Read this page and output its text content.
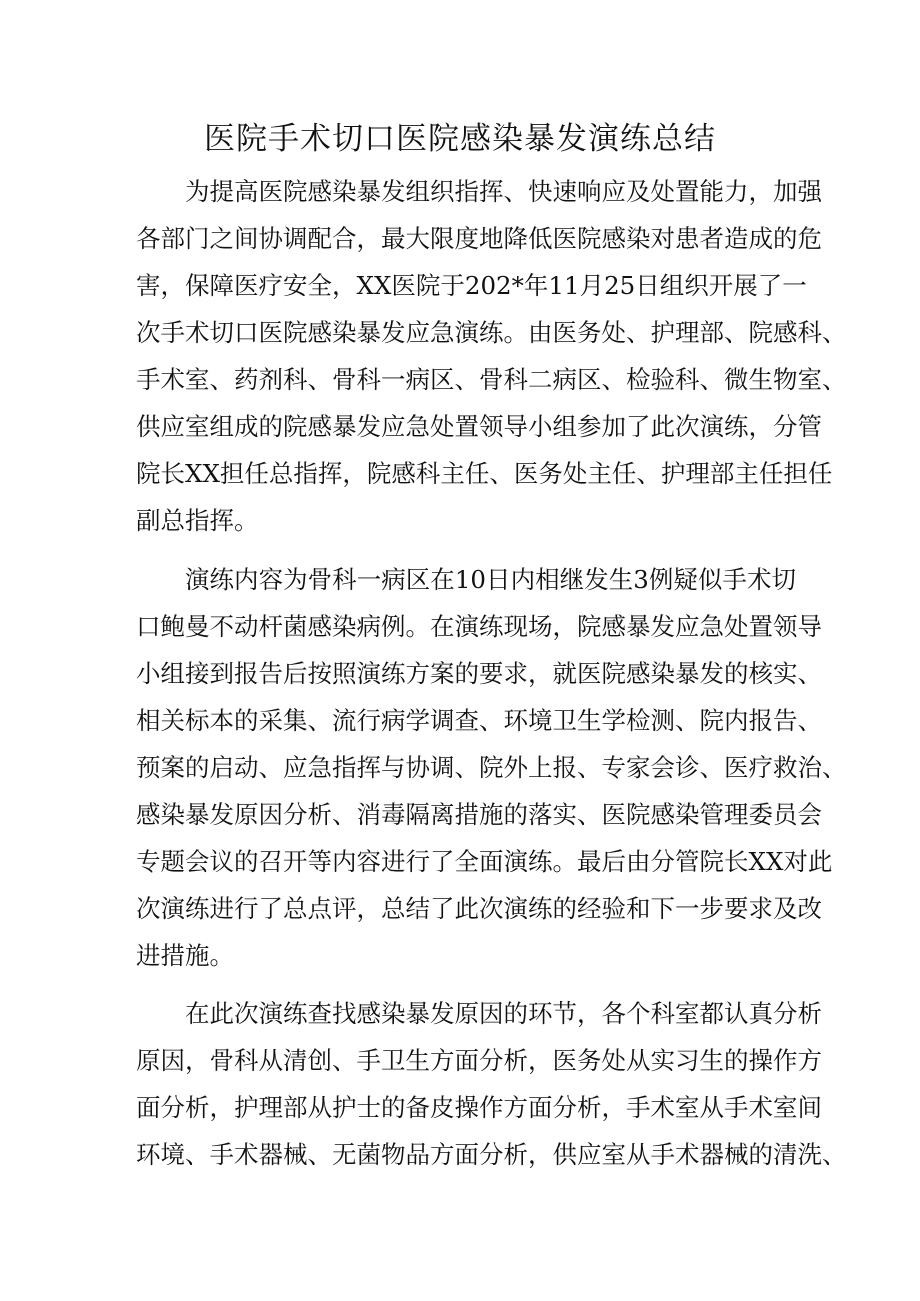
医院手术切口医院感染暴发演练总结
为提高医院感染暴发组织指挥、快速响应及处置能力，加强
各部门之间协调配合，最大限度地降低医院感染对患者造成的危
害，保障医疗安全，XX医院于202*年11月25日组织开展了一
次手术切口医院感染暴发应急演练。由医务处、护理部、院感科、
手术室、药剂科、骨科一病区、骨科二病区、检验科、微生物室、
供应室组成的院感暴发应急处置领导小组参加了此次演练，分管
院长XX担任总指挥，院感科主任、医务处主任、护理部主任担任
副总指挥。
演练内容为骨科一病区在10日内相继发生3例疑似手术切
口鲍曼不动杆菌感染病例。在演练现场，院感暴发应急处置领导
小组接到报告后按照演练方案的要求，就医院感染暴发的核实、
相关标本的采集、流行病学调查、环境卫生学检测、院内报告、
预案的启动、应急指挥与协调、院外上报、专家会诊、医疗救治、
感染暴发原因分析、消毒隔离措施的落实、医院感染管理委员会
专题会议的召开等内容进行了全面演练。最后由分管院长XX对此
次演练进行了总点评，总结了此次演练的经验和下一步要求及改
进措施。
在此次演练查找感染暴发原因的环节，各个科室都认真分析
原因，骨科从清创、手卫生方面分析，医务处从实习生的操作方
面分析，护理部从护士的备皮操作方面分析，手术室从手术室间
环境、手术器械、无菌物品方面分析，供应室从手术器械的清洗、
